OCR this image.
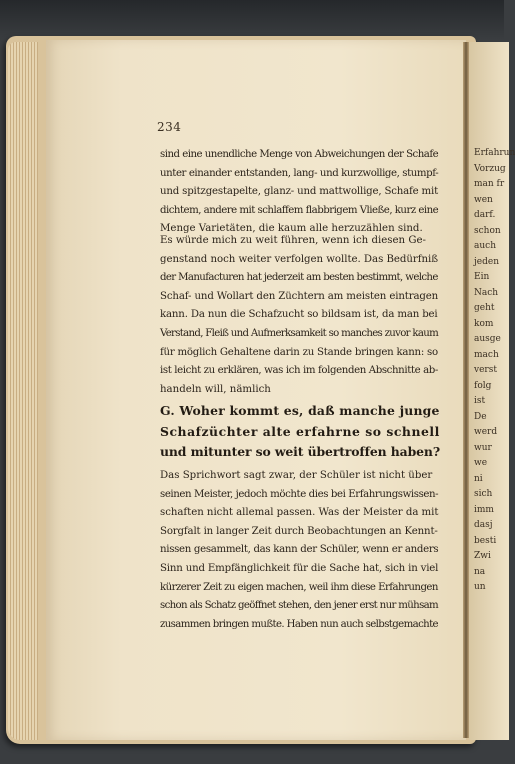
Erfahrun
Vorzug
man fr
wen
darf.
schon
auch
jeden
Ein
Nach
geht
kom
ausge
mach
verst
folg
ist
De
werd
wur
we
ni
sich
imm
dasj
besti
Zwi
na
un
234
sind eine unendliche Menge von Abweichungen der Schafe
unter einander entstanden, lang- und kurzwollige, stumpf-
und spitzgestapelte, glanz- und mattwollige, Schafe mit
dichtem, andere mit schlaffem flabbrigem Vließe, kurz eine
Menge Varietäten, die kaum alle herzuzählen sind.
Es würde mich zu weit führen, wenn ich diesen Ge-
genstand noch weiter verfolgen wollte. Das Bedürfniß
der Manufacturen hat jederzeit am besten bestimmt, welche
Schaf- und Wollart den Züchtern am meisten eintragen
kann. Da nun die Schafzucht so bildsam ist, da man bei
Verstand, Fleiß und Aufmerksamkeit so manches zuvor kaum
für möglich Gehaltene darin zu Stande bringen kann: so
ist leicht zu erklären, was ich im folgenden Abschnitte ab-
handeln will, nämlich
G. Woher kommt es, daß manche junge
Schafzüchter alte erfahrne so schnell
und mitunter so weit übertroffen haben?
Das Sprichwort sagt zwar, der Schüler ist nicht über
seinen Meister, jedoch möchte dies bei Erfahrungswissen-
schaften nicht allemal passen. Was der Meister da mit
Sorgfalt in langer Zeit durch Beobachtungen an Kennt-
nissen gesammelt, das kann der Schüler, wenn er anders
Sinn und Empfänglichkeit für die Sache hat, sich in viel
kürzerer Zeit zu eigen machen, weil ihm diese Erfahrungen
schon als Schatz geöffnet stehen, den jener erst nur mühsam
zusammen bringen mußte. Haben nun auch selbstgemachte
